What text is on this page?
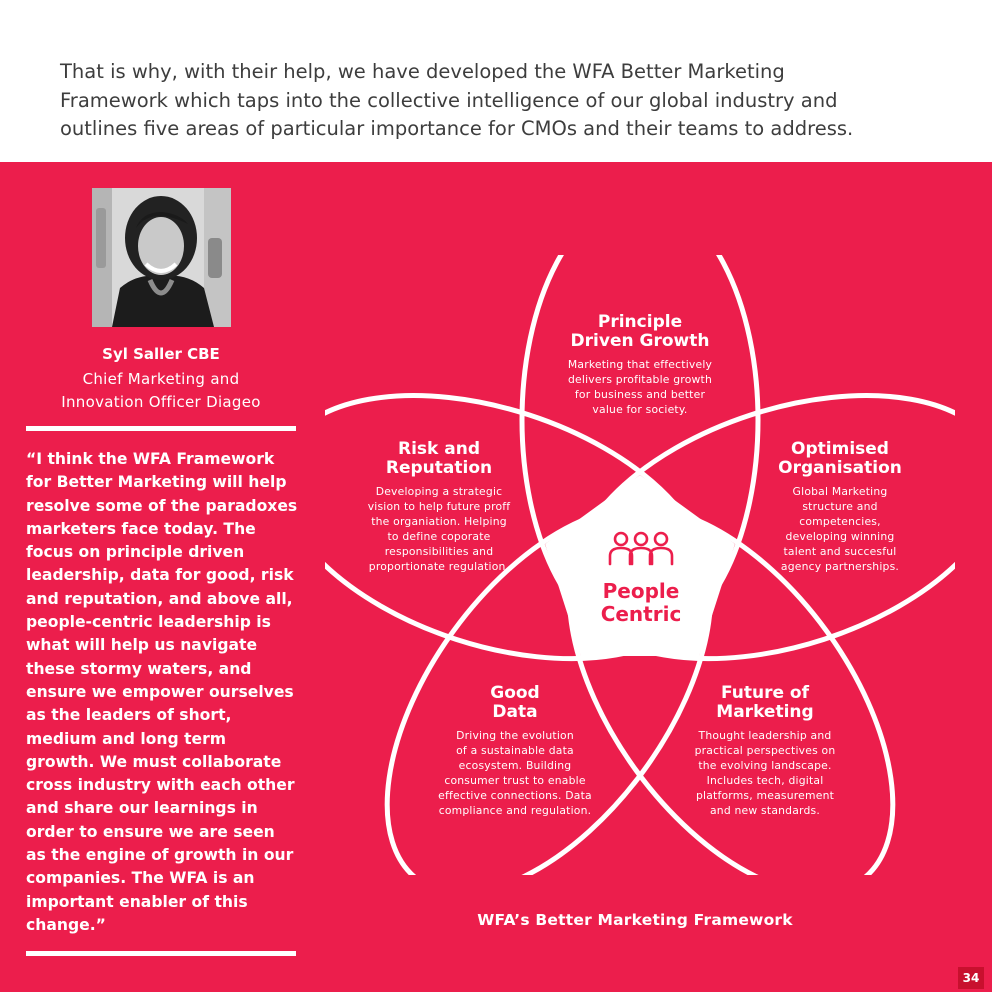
That is why, with their help, we have developed the WFA Better Marketing
Framework which taps into the collective intelligence of our global industry and
outlines five areas of particular importance for CMOs and their teams to address.
Syl Saller CBE
Chief Marketing and
Innovation Officer Diageo
“I think the WFA Framework for Better Marketing will help resolve some of the paradoxes marketers face today. The focus on principle driven leadership, data for good, risk and reputation, and above all, people-centric leadership is what will help us navigate these stormy waters, and ensure we empower ourselves as the leaders of short, medium and long term growth. We must collaborate cross industry with each other and share our learnings in order to ensure we are seen as the engine of growth in our companies. The WFA is an important enabler of this change.”
People
Centric
Principle
Driven Growth
Marketing that effectively
delivers profitable growth
for business and better
value for society.
Risk and
Reputation
Developing a strategic
vision to help future proff
the organiation. Helping
to define coporate
responsibilities and
proportionate regulation.
Optimised
Organisation
Global Marketing
structure and
competencies,
developing winning
talent and succesful
agency partnerships.
Good
Data
Driving the evolution
of a sustainable data
ecosystem. Building
consumer trust to enable
effective connections. Data
compliance and regulation.
Future of
Marketing
Thought leadership and
practical perspectives on
the evolving landscape.
Includes tech, digital
platforms, measurement
and new standards.
WFA’s Better Marketing Framework
34
